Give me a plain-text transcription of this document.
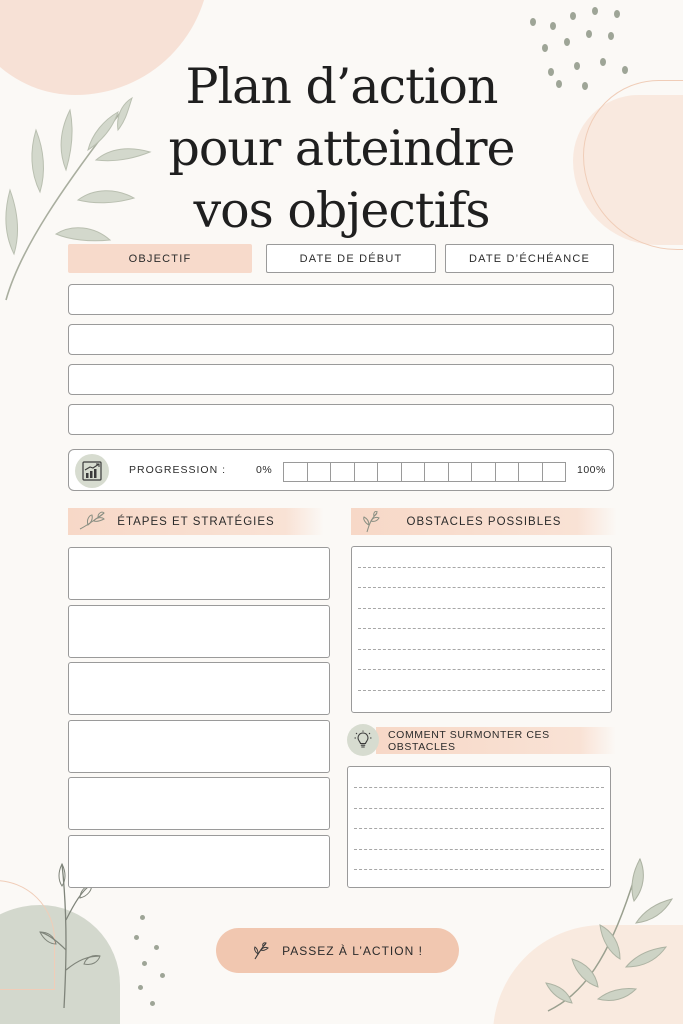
Plan d’action
pour atteindre
vos objectifs
OBJECTIF	DATE DE DÉBUT	DATE D’ÉCHÉANCE
PROGRESSION :	0%	100%
ÉTAPES ET STRATÉGIES	OBSTACLES POSSIBLES
COMMENT SURMONTER CES OBSTACLES
PASSEZ À L’ACTION !
